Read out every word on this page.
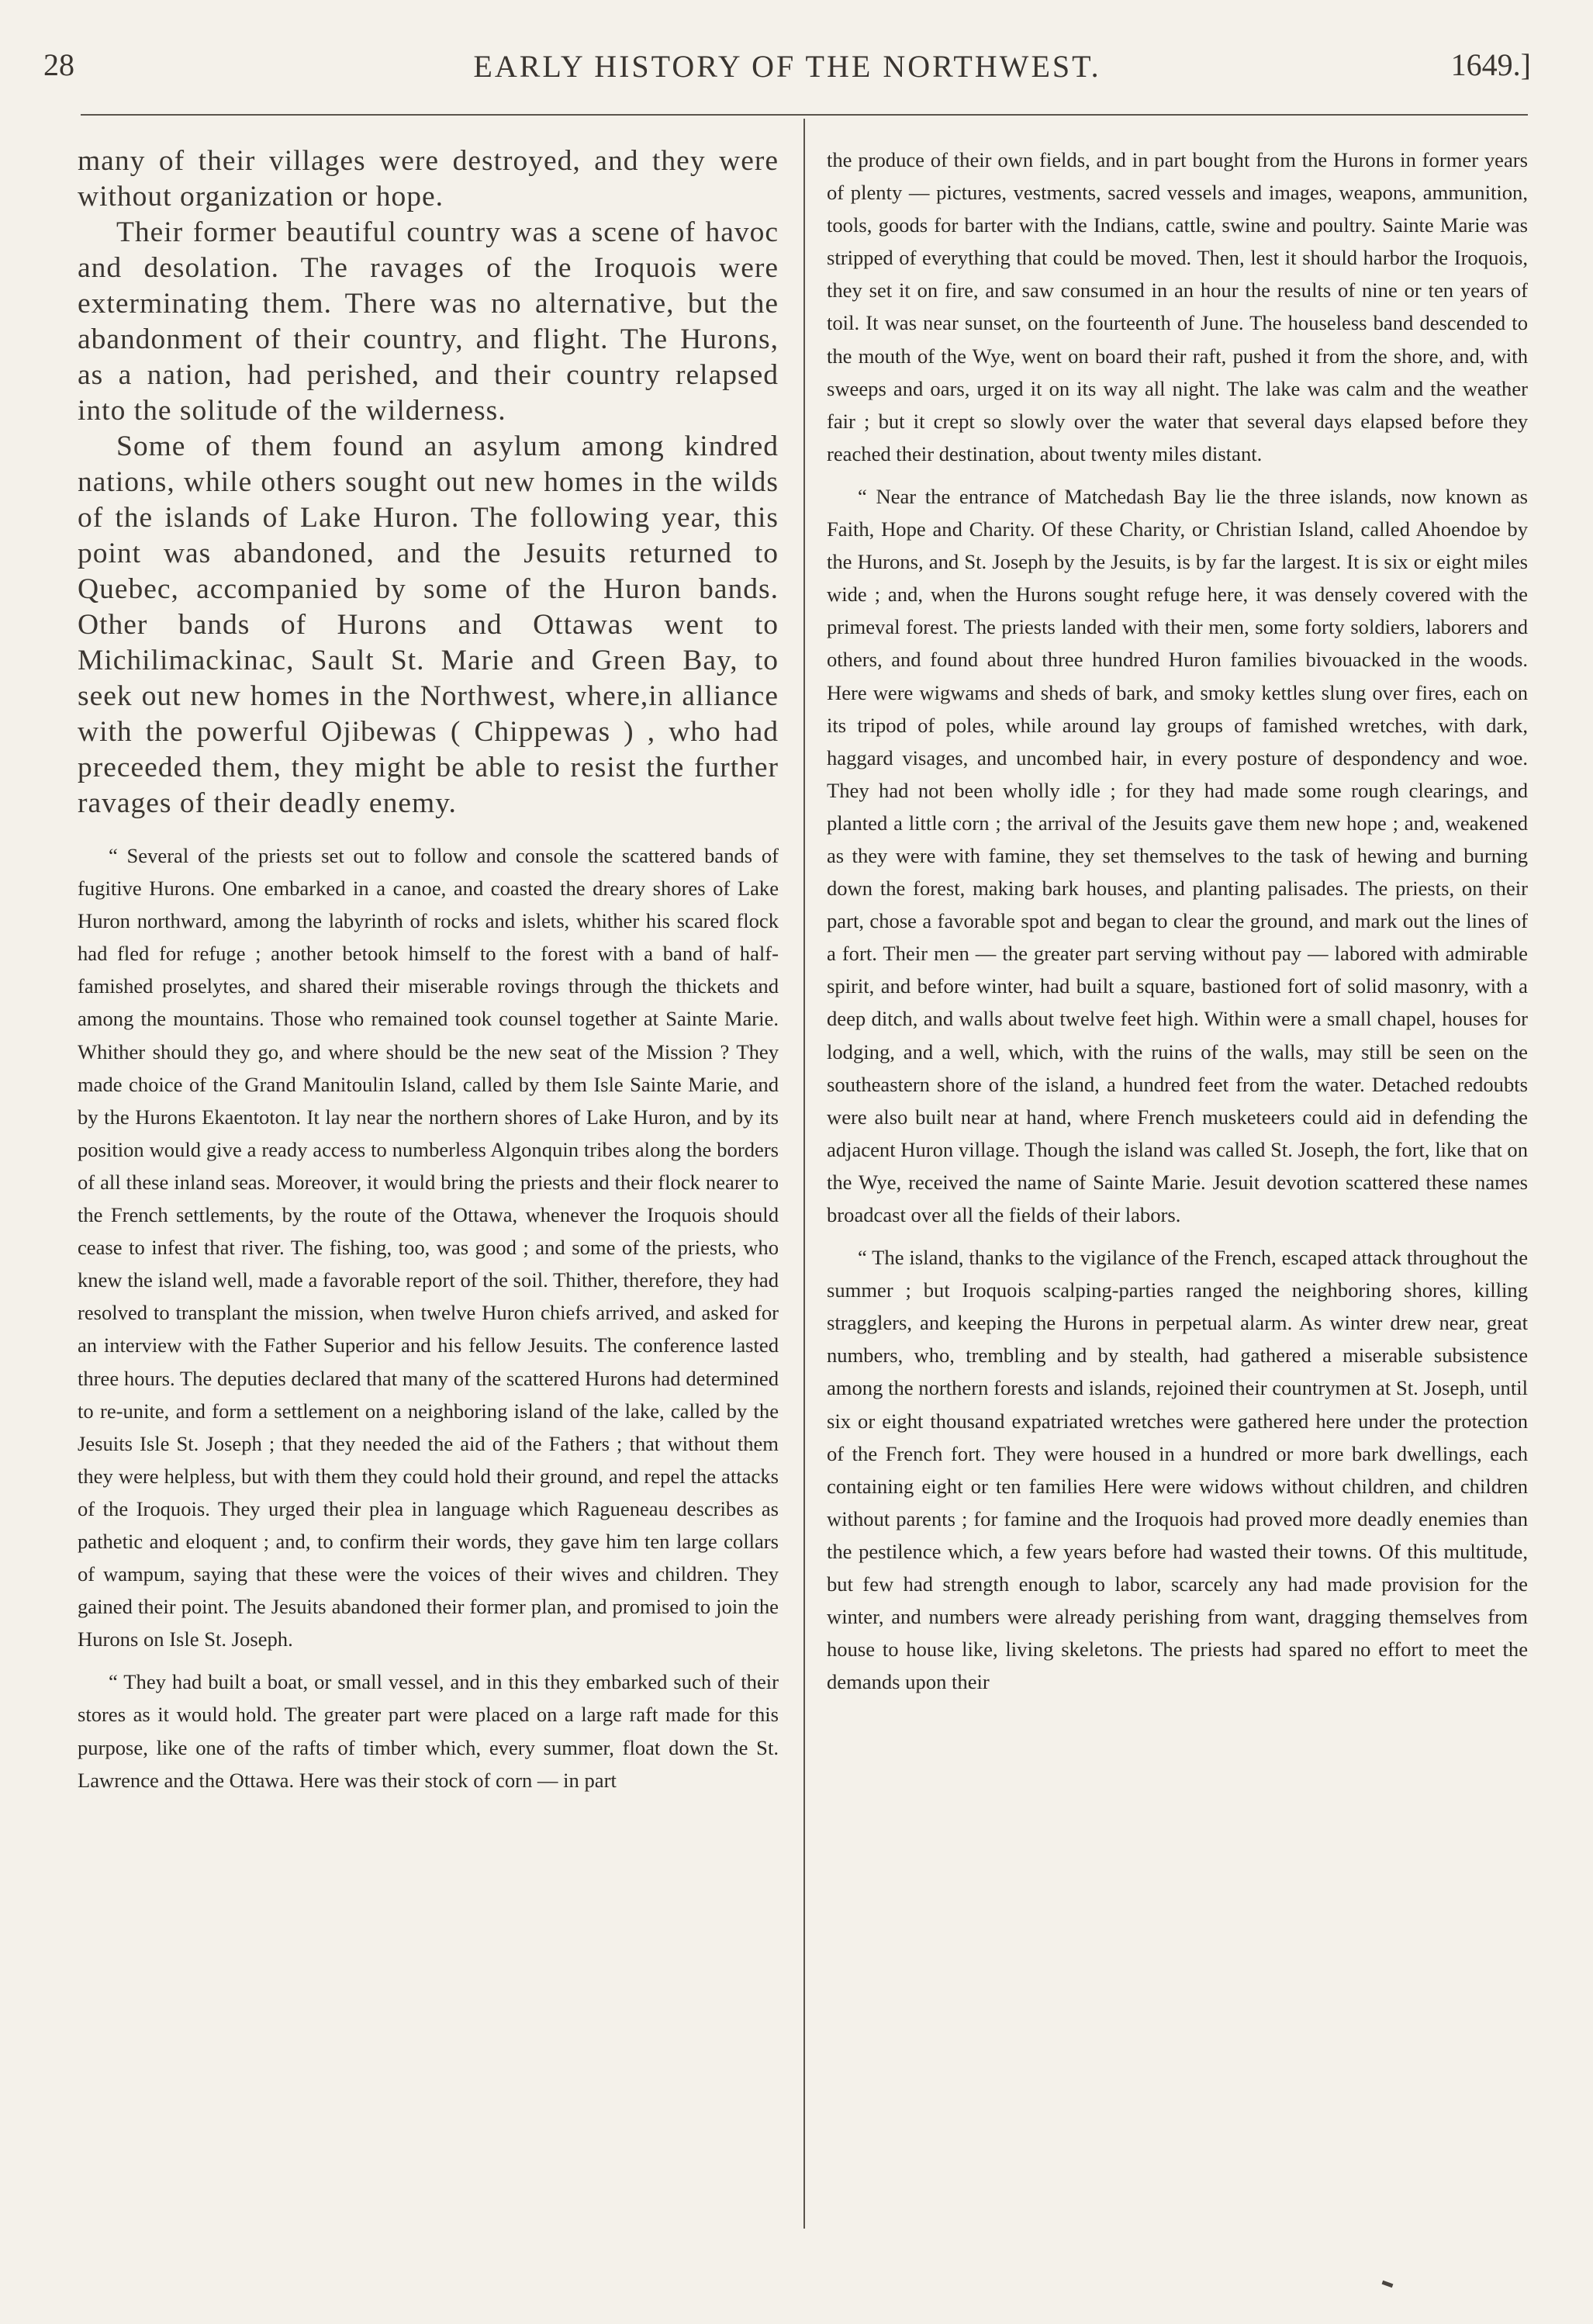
28	EARLY HISTORY OF THE NORTHWEST.	1649.]

many of their villages were destroyed, and they were without organization or hope.

Their former beautiful country was a scene of havoc and desolation. The ravages of the Iroquois were exterminating them. There was no alternative, but the abandonment of their country, and flight. The Hurons, as a nation, had perished, and their country relapsed into the solitude of the wilderness.

Some of them found an asylum among kindred nations, while others sought out new homes in the wilds of the islands of Lake Huron. The following year, this point was abandoned, and the Jesuits returned to Quebec, accompanied by some of the Huron bands. Other bands of Hurons and Ottawas went to Michilimackinac, Sault St. Marie and Green Bay, to seek out new homes in the Northwest, where,in alliance with the powerful Ojibewas ( Chippewas ) , who had preceeded them, they might be able to resist the further ravages of their deadly enemy.

“ Several of the priests set out to follow and console the scattered bands of fugitive Hurons. One embarked in a canoe, and coasted the dreary shores of Lake Huron northward, among the labyrinth of rocks and islets, whither his scared flock had fled for refuge ; another betook himself to the forest with a band of half-famished proselytes, and shared their miserable rovings through the thickets and among the mountains. Those who remained took counsel together at Sainte Marie. Whither should they go, and where should be the new seat of the Mission ? They made choice of the Grand Manitoulin Island, called by them Isle Sainte Marie, and by the Hurons Ekaentoton. It lay near the northern shores of Lake Huron, and by its position would give a ready access to numberless Algonquin tribes along the borders of all these inland seas. Moreover, it would bring the priests and their flock nearer to the French settlements, by the route of the Ottawa, whenever the Iroquois should cease to infest that river. The fishing, too, was good ; and some of the priests, who knew the island well, made a favorable report of the soil. Thither, therefore, they had resolved to transplant the mission, when twelve Huron chiefs arrived, and asked for an interview with the Father Superior and his fellow Jesuits. The conference lasted three hours. The deputies declared that many of the scattered Hurons had determined to re-unite, and form a settlement on a neighboring island of the lake, called by the Jesuits Isle St. Joseph ; that they needed the aid of the Fathers ; that without them they were helpless, but with them they could hold their ground, and repel the attacks of the Iroquois. They urged their plea in language which Ragueneau describes as pathetic and eloquent ; and, to confirm their words, they gave him ten large collars of wampum, saying that these were the voices of their wives and children. They gained their point. The Jesuits abandoned their former plan, and promised to join the Hurons on Isle St. Joseph.

“ They had built a boat, or small vessel, and in this they embarked such of their stores as it would hold. The greater part were placed on a large raft made for this purpose, like one of the rafts of timber which, every summer, float down the St. Lawrence and the Ottawa. Here was their stock of corn — in part

the produce of their own fields, and in part bought from the Hurons in former years of plenty — pictures, vestments, sacred vessels and images, weapons, ammunition, tools, goods for barter with the Indians, cattle, swine and poultry. Sainte Marie was stripped of everything that could be moved. Then, lest it should harbor the Iroquois, they set it on fire, and saw consumed in an hour the results of nine or ten years of toil. It was near sunset, on the fourteenth of June. The houseless band descended to the mouth of the Wye, went on board their raft, pushed it from the shore, and, with sweeps and oars, urged it on its way all night. The lake was calm and the weather fair ; but it crept so slowly over the water that several days elapsed before they reached their destination, about twenty miles distant.

“ Near the entrance of Matchedash Bay lie the three islands, now known as Faith, Hope and Charity. Of these Charity, or Christian Island, called Ahoendoe by the Hurons, and St. Joseph by the Jesuits, is by far the largest. It is six or eight miles wide ; and, when the Hurons sought refuge here, it was densely covered with the primeval forest. The priests landed with their men, some forty soldiers, laborers and others, and found about three hundred Huron families bivouacked in the woods. Here were wigwams and sheds of bark, and smoky kettles slung over fires, each on its tripod of poles, while around lay groups of famished wretches, with dark, haggard visages, and uncombed hair, in every posture of despondency and woe. They had not been wholly idle ; for they had made some rough clearings, and planted a little corn ; the arrival of the Jesuits gave them new hope ; and, weakened as they were with famine, they set themselves to the task of hewing and burning down the forest, making bark houses, and planting palisades. The priests, on their part, chose a favorable spot and began to clear the ground, and mark out the lines of a fort. Their men — the greater part serving without pay — labored with admirable spirit, and before winter, had built a square, bastioned fort of solid masonry, with a deep ditch, and walls about twelve feet high. Within were a small chapel, houses for lodging, and a well, which, with the ruins of the walls, may still be seen on the southeastern shore of the island, a hundred feet from the water. Detached redoubts were also built near at hand, where French musketeers could aid in defending the adjacent Huron village. Though the island was called St. Joseph, the fort, like that on the Wye, received the name of Sainte Marie. Jesuit devotion scattered these names broadcast over all the fields of their labors.

“ The island, thanks to the vigilance of the French, escaped attack throughout the summer ; but Iroquois scalping-parties ranged the neighboring shores, killing stragglers, and keeping the Hurons in perpetual alarm. As winter drew near, great numbers, who, trembling and by stealth, had gathered a miserable subsistence among the northern forests and islands, rejoined their countrymen at St. Joseph, until six or eight thousand expatriated wretches were gathered here under the protection of the French fort. They were housed in a hundred or more bark dwellings, each containing eight or ten families Here were widows without children, and children without parents ; for famine and the Iroquois had proved more deadly enemies than the pestilence which, a few years before had wasted their towns. Of this multitude, but few had strength enough to labor, scarcely any had made provision for the winter, and numbers were already perishing from want, dragging themselves from house to house like, living skeletons. The priests had spared no effort to meet the demands upon their
